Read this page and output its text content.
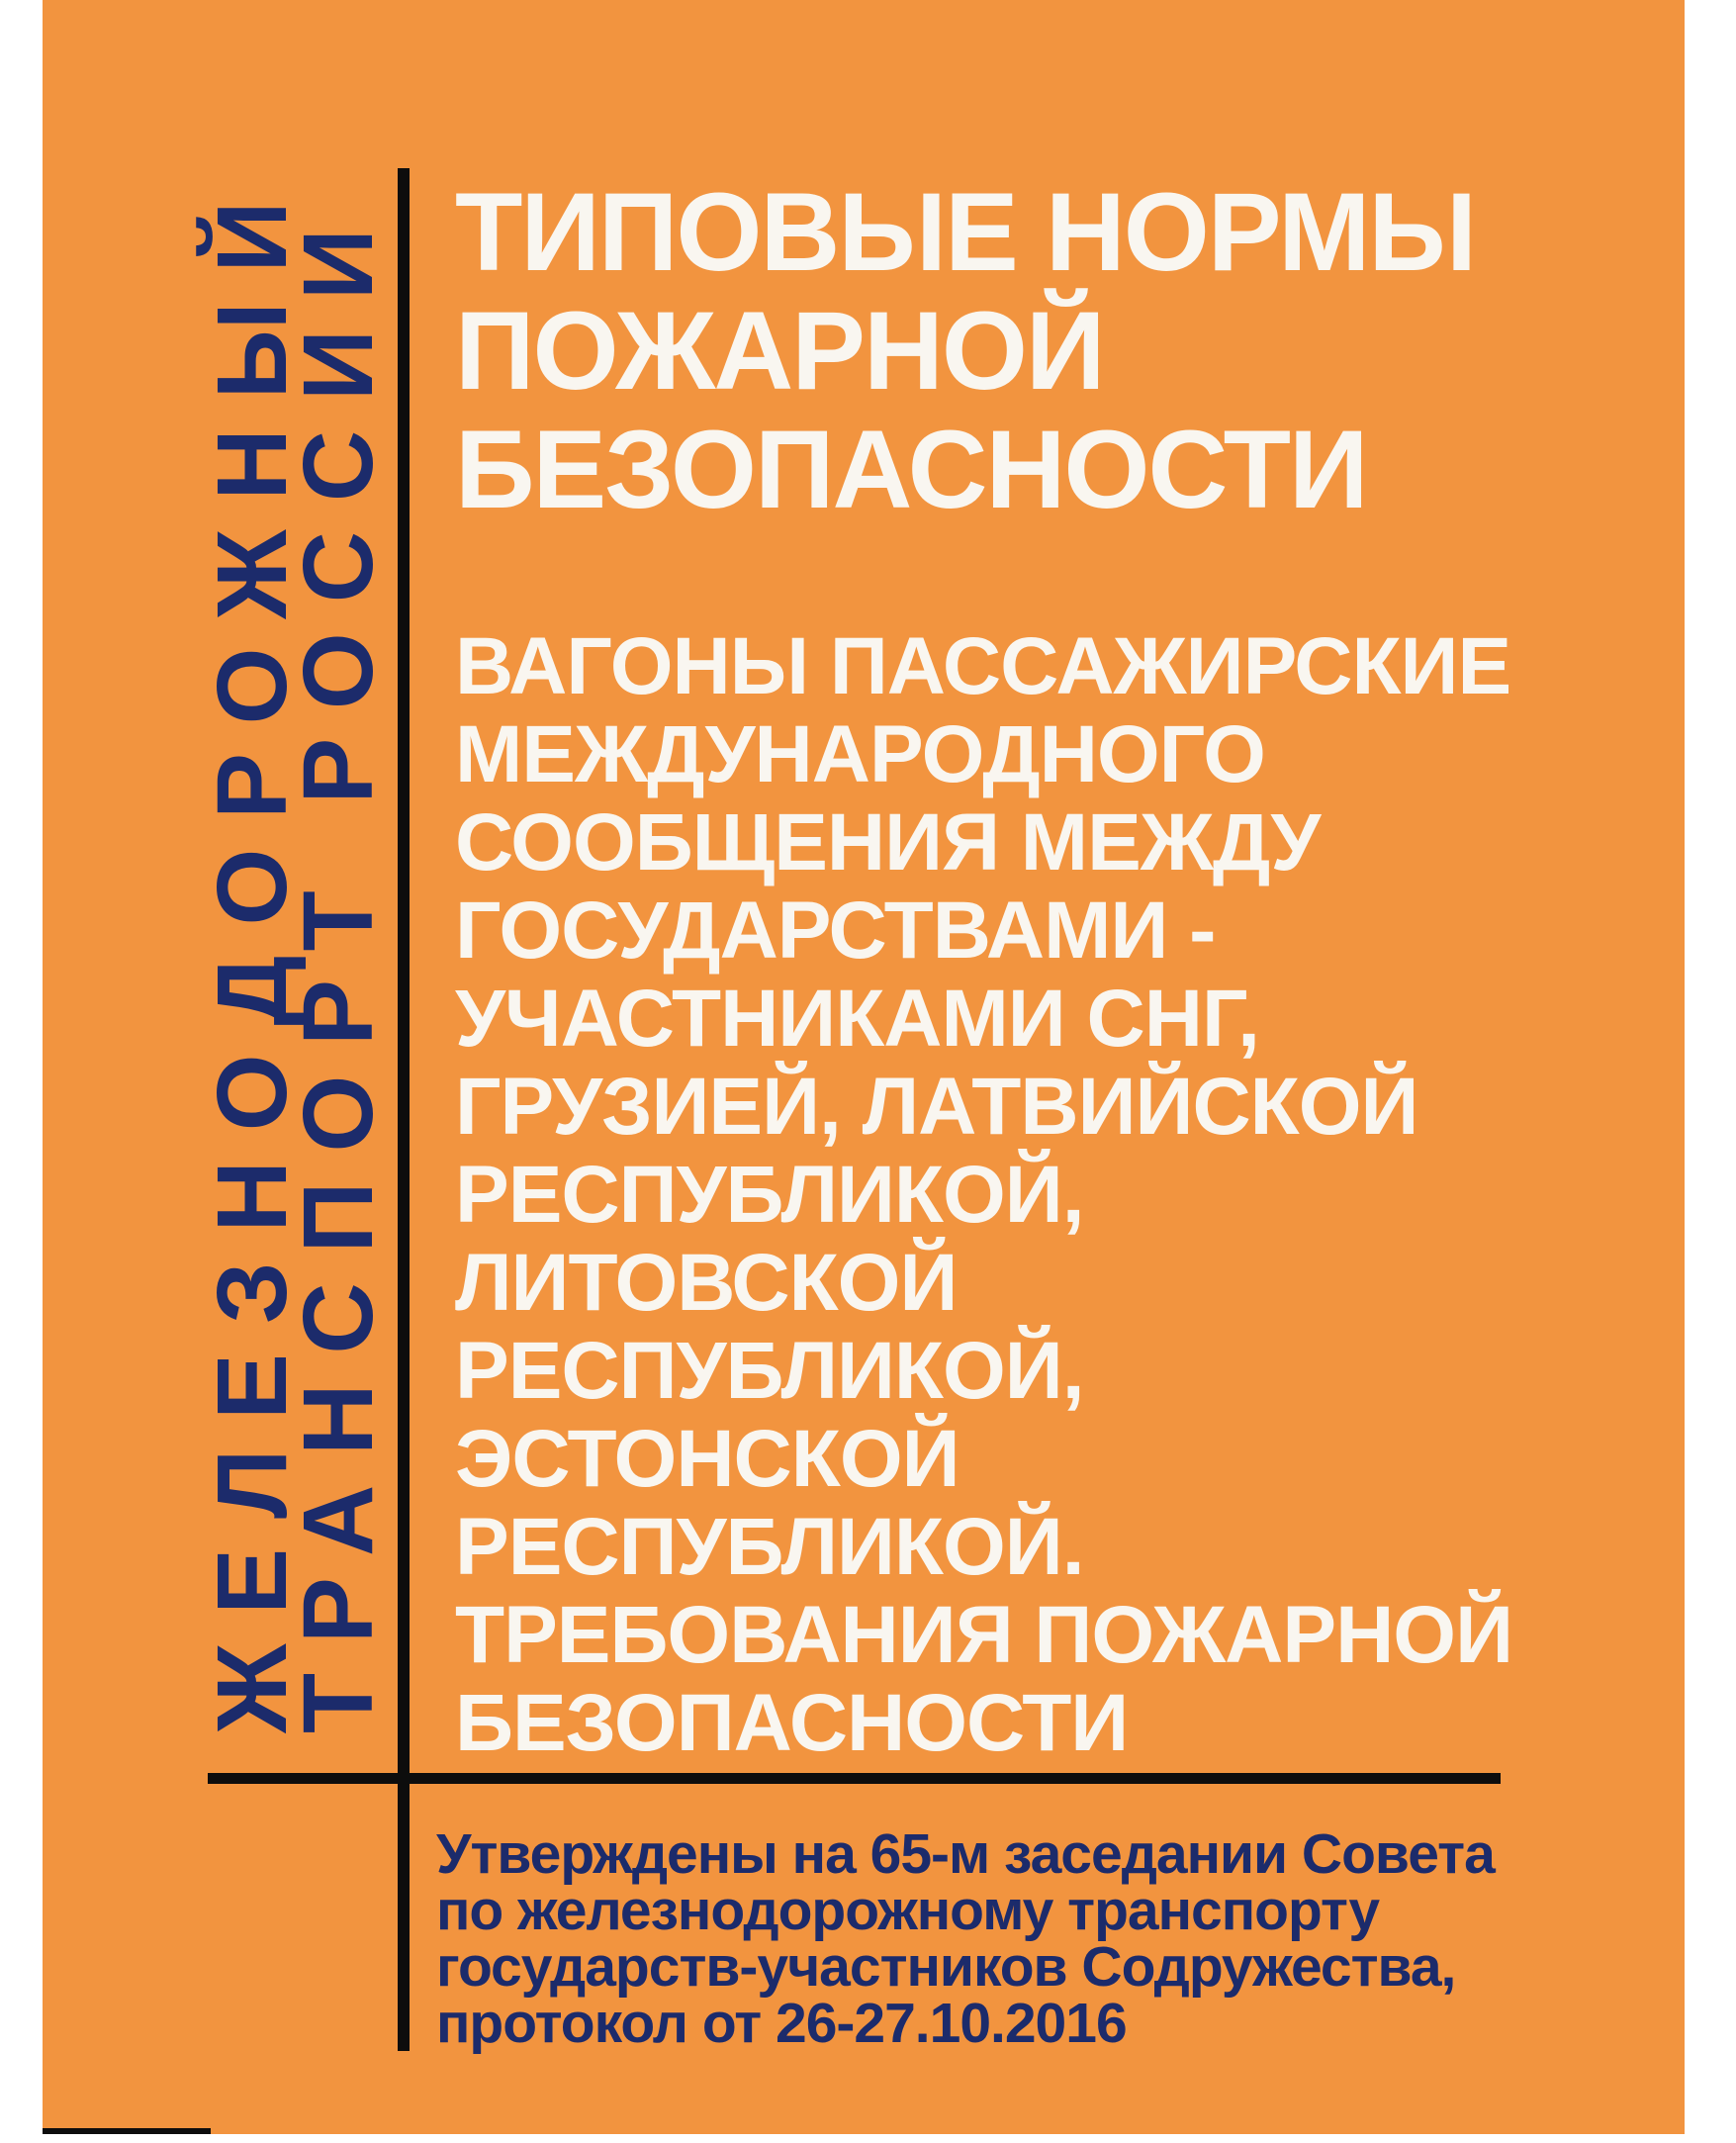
ЖЕЛЕЗНОДОРОЖНЫЙ
ТРАНСПОРТ РОССИИ ТИПОВЫЕ НОРМЫ
ПОЖАРНОЙ
БЕЗОПАСНОСТИ
ВАГОНЫ ПАССАЖИРСКИЕ
МЕЖДУНАРОДНОГО
СООБЩЕНИЯ МЕЖДУ
ГОСУДАРСТВАМИ -
УЧАСТНИКАМИ СНГ,
ГРУЗИЕЙ, ЛАТВИЙСКОЙ
РЕСПУБЛИКОЙ,
ЛИТОВСКОЙ
РЕСПУБЛИКОЙ,
ЭСТОНСКОЙ
РЕСПУБЛИКОЙ.
ТРЕБОВАНИЯ ПОЖАРНОЙ
БЕЗОПАСНОСТИ
Утверждены на 65-м заседании Совета
по железнодорожному транспорту
государств-участников Содружества,
протокол от 26-27.10.2016
